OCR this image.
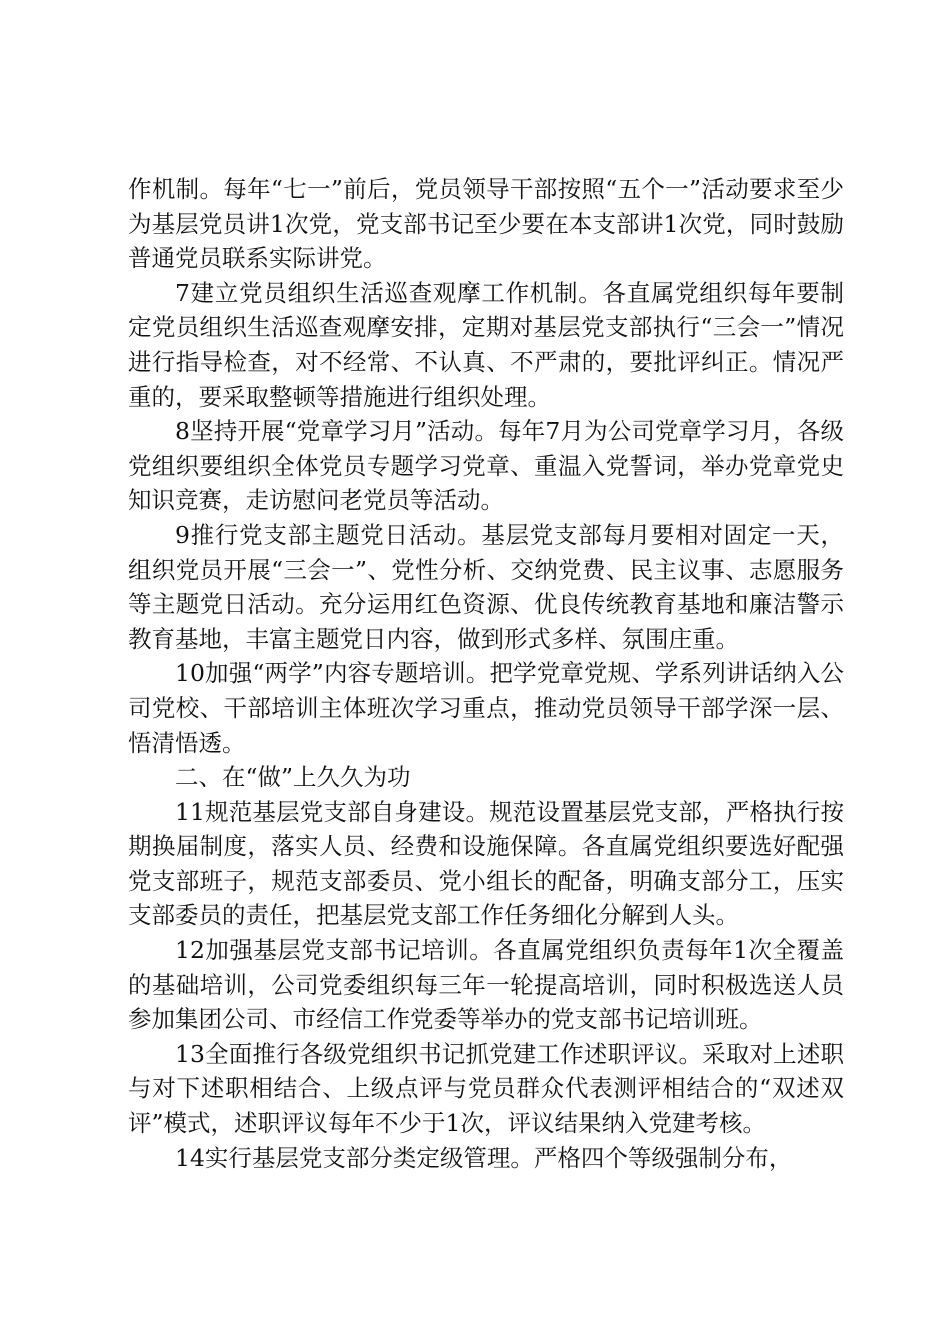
作机制。每年“七一”前后，党员领导干部按照“五个一”活动要求至少为基层党员讲1次党，党支部书记至少要在本支部讲1次党，同时鼓励普通党员联系实际讲党。

7建立党员组织生活巡查观摩工作机制。各直属党组织每年要制定党员组织生活巡查观摩安排，定期对基层党支部执行“三会一”情况进行指导检查，对不经常、不认真、不严肃的，要批评纠正。情况严重的，要采取整顿等措施进行组织处理。

8坚持开展“党章学习月”活动。每年7月为公司党章学习月，各级党组织要组织全体党员专题学习党章、重温入党誓词，举办党章党史知识竞赛，走访慰问老党员等活动。

9推行党支部主题党日活动。基层党支部每月要相对固定一天，组织党员开展“三会一”、党性分析、交纳党费、民主议事、志愿服务等主题党日活动。充分运用红色资源、优良传统教育基地和廉洁警示教育基地，丰富主题党日内容，做到形式多样、氛围庄重。

10加强“两学”内容专题培训。把学党章党规、学系列讲话纳入公司党校、干部培训主体班次学习重点，推动党员领导干部学深一层、悟清悟透。

二、在“做”上久久为功

11规范基层党支部自身建设。规范设置基层党支部，严格执行按期换届制度，落实人员、经费和设施保障。各直属党组织要选好配强党支部班子，规范支部委员、党小组长的配备，明确支部分工，压实支部委员的责任，把基层党支部工作任务细化分解到人头。

12加强基层党支部书记培训。各直属党组织负责每年1次全覆盖的基础培训，公司党委组织每三年一轮提高培训，同时积极选送人员参加集团公司、市经信工作党委等举办的党支部书记培训班。

13全面推行各级党组织书记抓党建工作述职评议。采取对上述职与对下述职相结合、上级点评与党员群众代表测评相结合的“双述双评”模式，述职评议每年不少于1次，评议结果纳入党建考核。

14实行基层党支部分类定级管理。严格四个等级强制分布，
